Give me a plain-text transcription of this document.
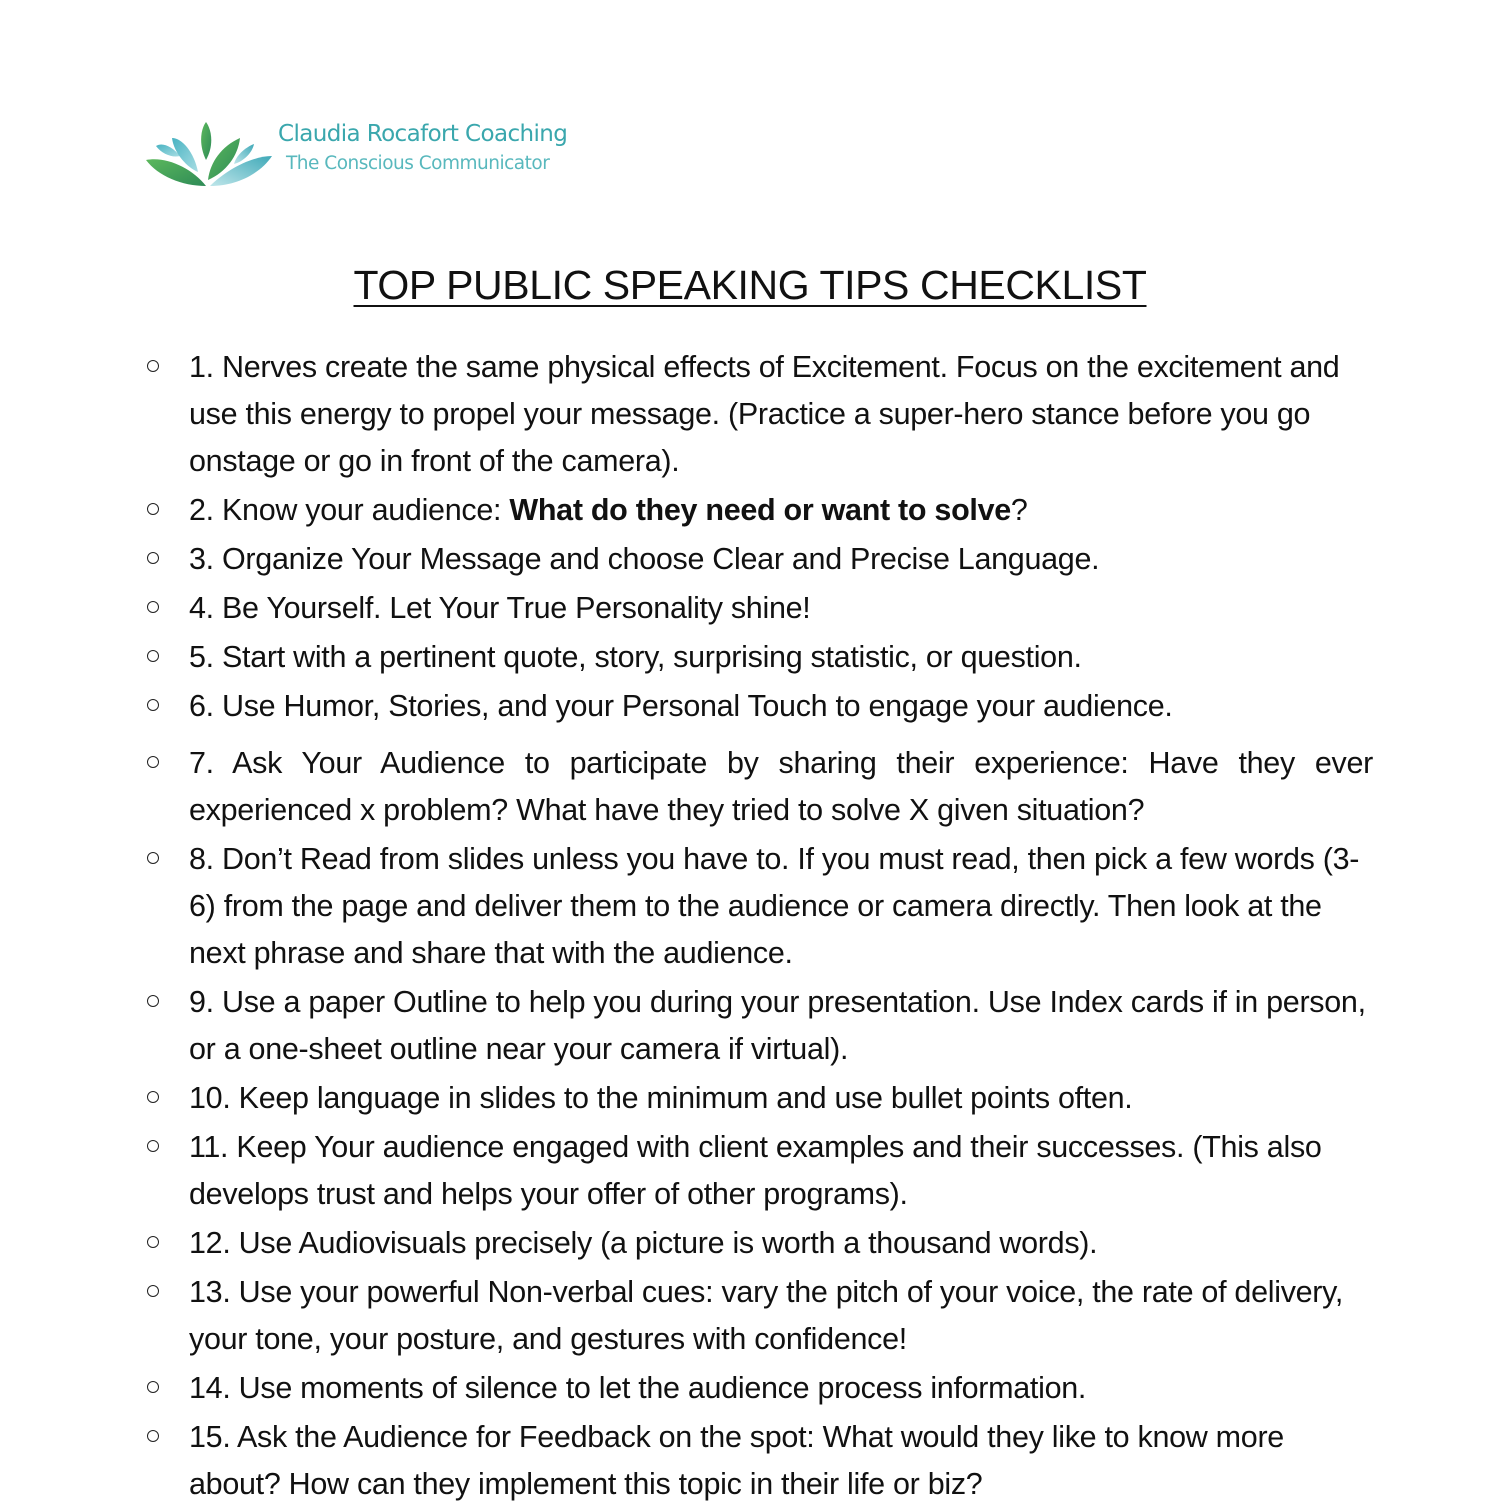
Claudia Rocafort Coaching
The Conscious Communicator
TOP PUBLIC SPEAKING TIPS CHECKLIST
1. Nerves create the same physical effects of Excitement. Focus on the excitement and use this energy to propel your message. (Practice a super-hero stance before you go onstage or go in front of the camera).
2. Know your audience: What do they need or want to solve?
3. Organize Your Message and choose Clear and Precise Language.
4. Be Yourself. Let Your True Personality shine!
5. Start with a pertinent quote, story, surprising statistic, or question.
6. Use Humor, Stories, and your Personal Touch to engage your audience.
7. Ask Your Audience to participate by sharing their experience: Have they ever experienced x problem? What have they tried to solve X given situation?
8. Don’t Read from slides unless you have to. If you must read, then pick a few words (3-6) from the page and deliver them to the audience or camera directly. Then look at the next phrase and share that with the audience.
9. Use a paper Outline to help you during your presentation. Use Index cards if in person, or a one-sheet outline near your camera if virtual).
10. Keep language in slides to the minimum and use bullet points often.
11. Keep Your audience engaged with client examples and their successes. (This also develops trust and helps your offer of other programs).
12. Use Audiovisuals precisely (a picture is worth a thousand words).
13. Use your powerful Non-verbal cues: vary the pitch of your voice, the rate of delivery, your tone, your posture, and gestures with confidence!
14. Use moments of silence to let the audience process information.
15. Ask the Audience for Feedback on the spot: What would they like to know more about? How can they implement this topic in their life or biz?
